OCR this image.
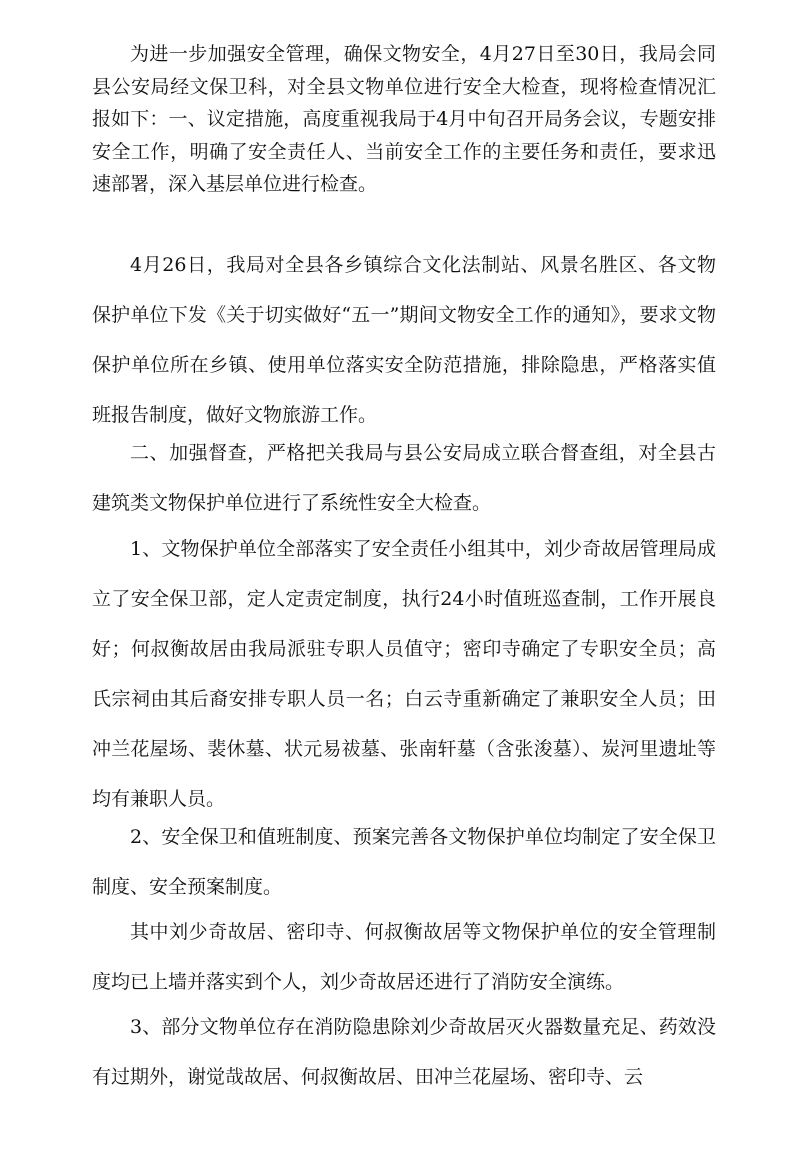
为进一步加强安全管理，确保文物安全，4月27日至30日，我局会同县公安局经文保卫科，对全县文物单位进行安全大检查，现将检查情况汇报如下：一、议定措施，高度重视我局于4月中旬召开局务会议，专题安排安全工作，明确了安全责任人、当前安全工作的主要任务和责任，要求迅速部署，深入基层单位进行检查。

4月26日，我局对全县各乡镇综合文化法制站、风景名胜区、各文物保护单位下发《关于切实做好“五一”期间文物安全工作的通知》，要求文物保护单位所在乡镇、使用单位落实安全防范措施，排除隐患，严格落实值班报告制度，做好文物旅游工作。

二、加强督查，严格把关我局与县公安局成立联合督查组，对全县古建筑类文物保护单位进行了系统性安全大检查。

1、文物保护单位全部落实了安全责任小组其中，刘少奇故居管理局成立了安全保卫部，定人定责定制度，执行24小时值班巡查制，工作开展良好；何叔衡故居由我局派驻专职人员值守；密印寺确定了专职安全员；高氏宗祠由其后裔安排专职人员一名；白云寺重新确定了兼职安全人员；田冲兰花屋场、裴休墓、状元易祓墓、张南轩墓（含张浚墓）、炭河里遗址等均有兼职人员。

2、安全保卫和值班制度、预案完善各文物保护单位均制定了安全保卫制度、安全预案制度。

其中刘少奇故居、密印寺、何叔衡故居等文物保护单位的安全管理制度均已上墙并落实到个人，刘少奇故居还进行了消防安全演练。

3、部分文物单位存在消防隐患除刘少奇故居灭火器数量充足、药效没有过期外，谢觉哉故居、何叔衡故居、田冲兰花屋场、密印寺、云
